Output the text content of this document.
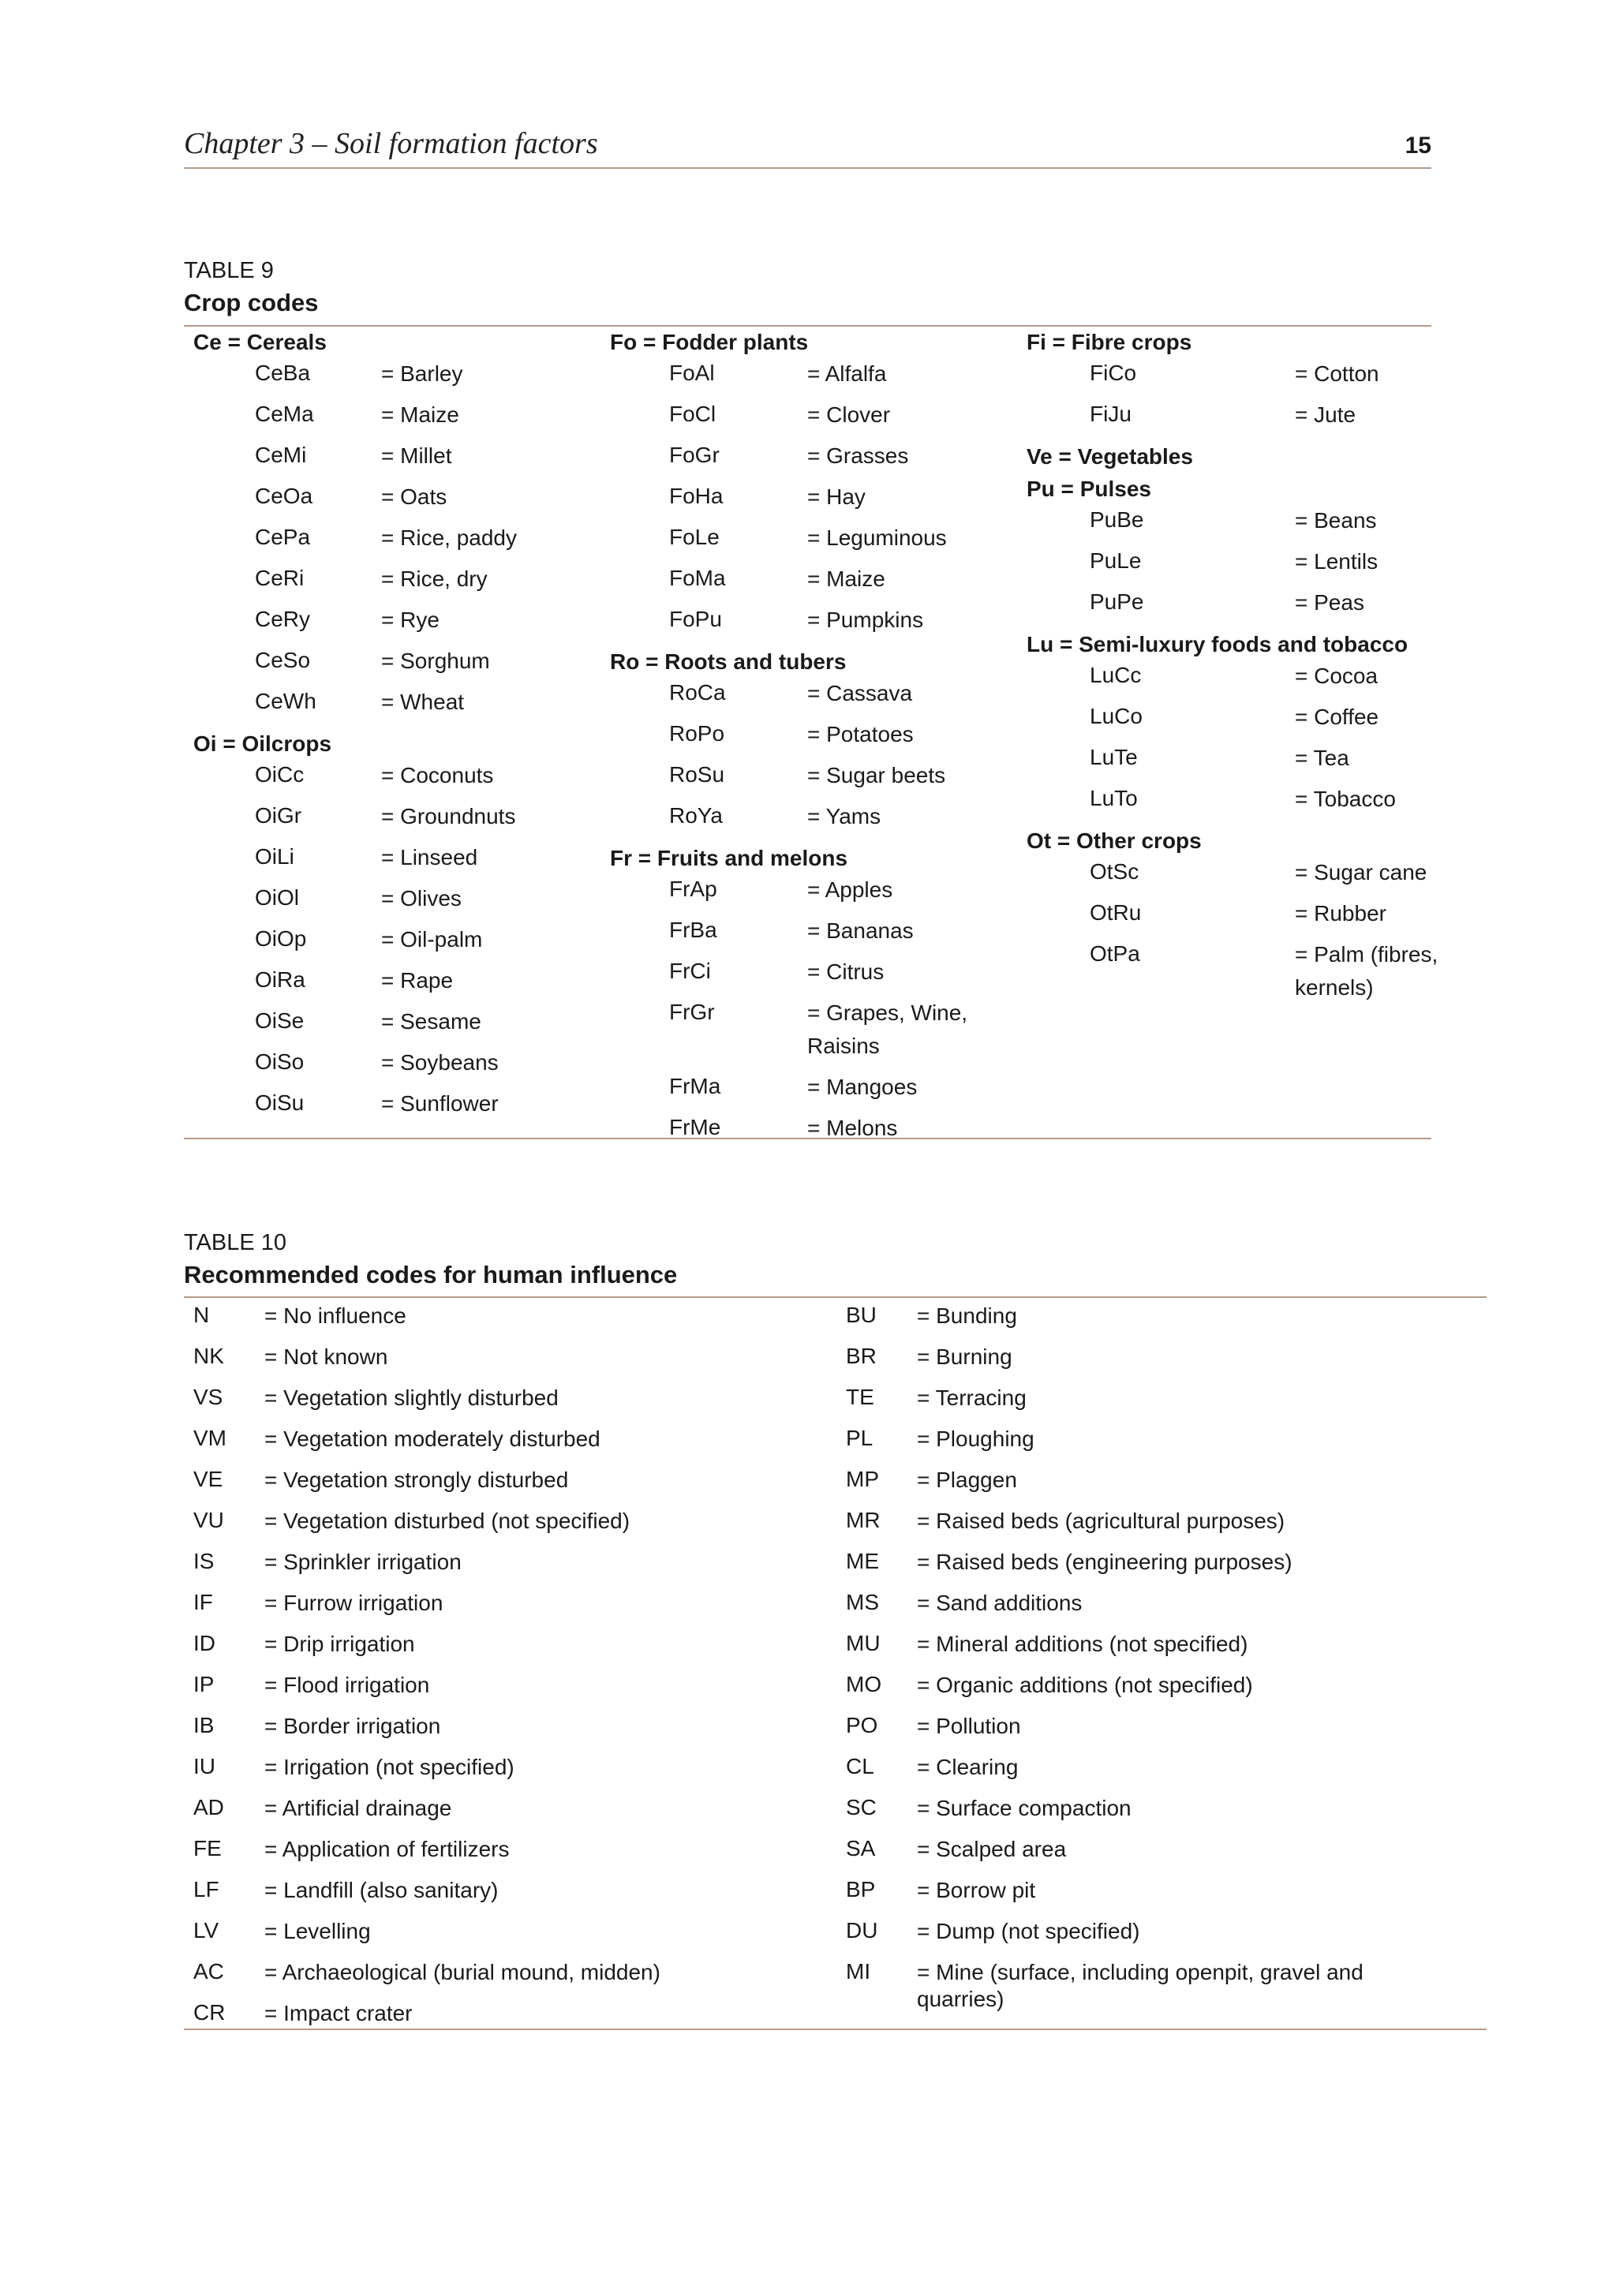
Chapter 3 – Soil formation factors	15
TABLE 9
Crop codes
Ce = Cereals
CeBa	= Barley
CeMa	= Maize
CeMi	= Millet
CeOa	= Oats
CePa	= Rice, paddy
CeRi	= Rice, dry
CeRy	= Rye
CeSo	= Sorghum
CeWh	= Wheat
Oi = Oilcrops
OiCc	= Coconuts
OiGr	= Groundnuts
OiLi	= Linseed
OiOl	= Olives
OiOp	= Oil-palm
OiRa	= Rape
OiSe	= Sesame
OiSo	= Soybeans
OiSu	= Sunflower
Fo = Fodder plants
FoAl	= Alfalfa
FoCl	= Clover
FoGr	= Grasses
FoHa	= Hay
FoLe	= Leguminous
FoMa	= Maize
FoPu	= Pumpkins
Ro = Roots and tubers
RoCa	= Cassava
RoPo	= Potatoes
RoSu	= Sugar beets
RoYa	= Yams
Fr = Fruits and melons
FrAp	= Apples
FrBa	= Bananas
FrCi	= Citrus
FrGr	= Grapes, Wine, Raisins
FrMa	= Mangoes
FrMe	= Melons
Fi = Fibre crops
FiCo	= Cotton
FiJu	= Jute
Ve = Vegetables
Pu = Pulses
PuBe	= Beans
PuLe	= Lentils
PuPe	= Peas
Lu = Semi-luxury foods and tobacco
LuCc	= Cocoa
LuCo	= Coffee
LuTe	= Tea
LuTo	= Tobacco
Ot = Other crops
OtSc	= Sugar cane
OtRu	= Rubber
OtPa	= Palm (fibres, kernels)
TABLE 10
Recommended codes for human influence
N = No influence
NK = Not known
VS = Vegetation slightly disturbed
VM = Vegetation moderately disturbed
VE = Vegetation strongly disturbed
VU = Vegetation disturbed (not specified)
IS = Sprinkler irrigation
IF = Furrow irrigation
ID = Drip irrigation
IP = Flood irrigation
IB = Border irrigation
IU = Irrigation (not specified)
AD = Artificial drainage
FE = Application of fertilizers
LF = Landfill (also sanitary)
LV = Levelling
AC = Archaeological (burial mound, midden)
CR = Impact crater
BU = Bunding
BR = Burning
TE = Terracing
PL = Ploughing
MP = Plaggen
MR = Raised beds (agricultural purposes)
ME = Raised beds (engineering purposes)
MS = Sand additions
MU = Mineral additions (not specified)
MO = Organic additions (not specified)
PO = Pollution
CL = Clearing
SC = Surface compaction
SA = Scalped area
BP = Borrow pit
DU = Dump (not specified)
MI = Mine (surface, including openpit, gravel and quarries)
